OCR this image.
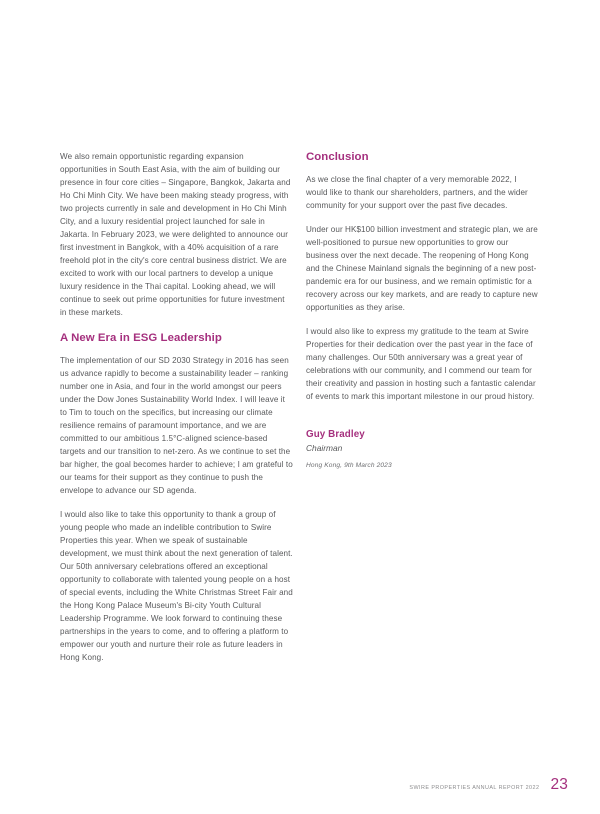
We also remain opportunistic regarding expansion opportunities in South East Asia, with the aim of building our presence in four core cities – Singapore, Bangkok, Jakarta and Ho Chi Minh City. We have been making steady progress, with two projects currently in sale and development in Ho Chi Minh City, and a luxury residential project launched for sale in Jakarta. In February 2023, we were delighted to announce our first investment in Bangkok, with a 40% acquisition of a rare freehold plot in the city's core central business district. We are excited to work with our local partners to develop a unique luxury residence in the Thai capital. Looking ahead, we will continue to seek out prime opportunities for future investment in these markets.

A New Era in ESG Leadership

The implementation of our SD 2030 Strategy in 2016 has seen us advance rapidly to become a sustainability leader – ranking number one in Asia, and four in the world amongst our peers under the Dow Jones Sustainability World Index. I will leave it to Tim to touch on the specifics, but increasing our climate resilience remains of paramount importance, and we are committed to our ambitious 1.5°C-aligned science-based targets and our transition to net-zero. As we continue to set the bar higher, the goal becomes harder to achieve; I am grateful to our teams for their support as they continue to push the envelope to advance our SD agenda.

I would also like to take this opportunity to thank a group of young people who made an indelible contribution to Swire Properties this year. When we speak of sustainable development, we must think about the next generation of talent. Our 50th anniversary celebrations offered an exceptional opportunity to collaborate with talented young people on a host of special events, including the White Christmas Street Fair and the Hong Kong Palace Museum's Bi-city Youth Cultural Leadership Programme. We look forward to continuing these partnerships in the years to come, and to offering a platform to empower our youth and nurture their role as future leaders in Hong Kong.

Conclusion

As we close the final chapter of a very memorable 2022, I would like to thank our shareholders, partners, and the wider community for your support over the past five decades.

Under our HK$100 billion investment and strategic plan, we are well-positioned to pursue new opportunities to grow our business over the next decade. The reopening of Hong Kong and the Chinese Mainland signals the beginning of a new post-pandemic era for our business, and we remain optimistic for a recovery across our key markets, and are ready to capture new opportunities as they arise.

I would also like to express my gratitude to the team at Swire Properties for their dedication over the past year in the face of many challenges. Our 50th anniversary was a great year of celebrations with our community, and I commend our team for their creativity and passion in hosting such a fantastic calendar of events to mark this important milestone in our proud history.

Guy Bradley
Chairman
Hong Kong, 9th March 2023
SWIRE PROPERTIES ANNUAL REPORT 2022 23
